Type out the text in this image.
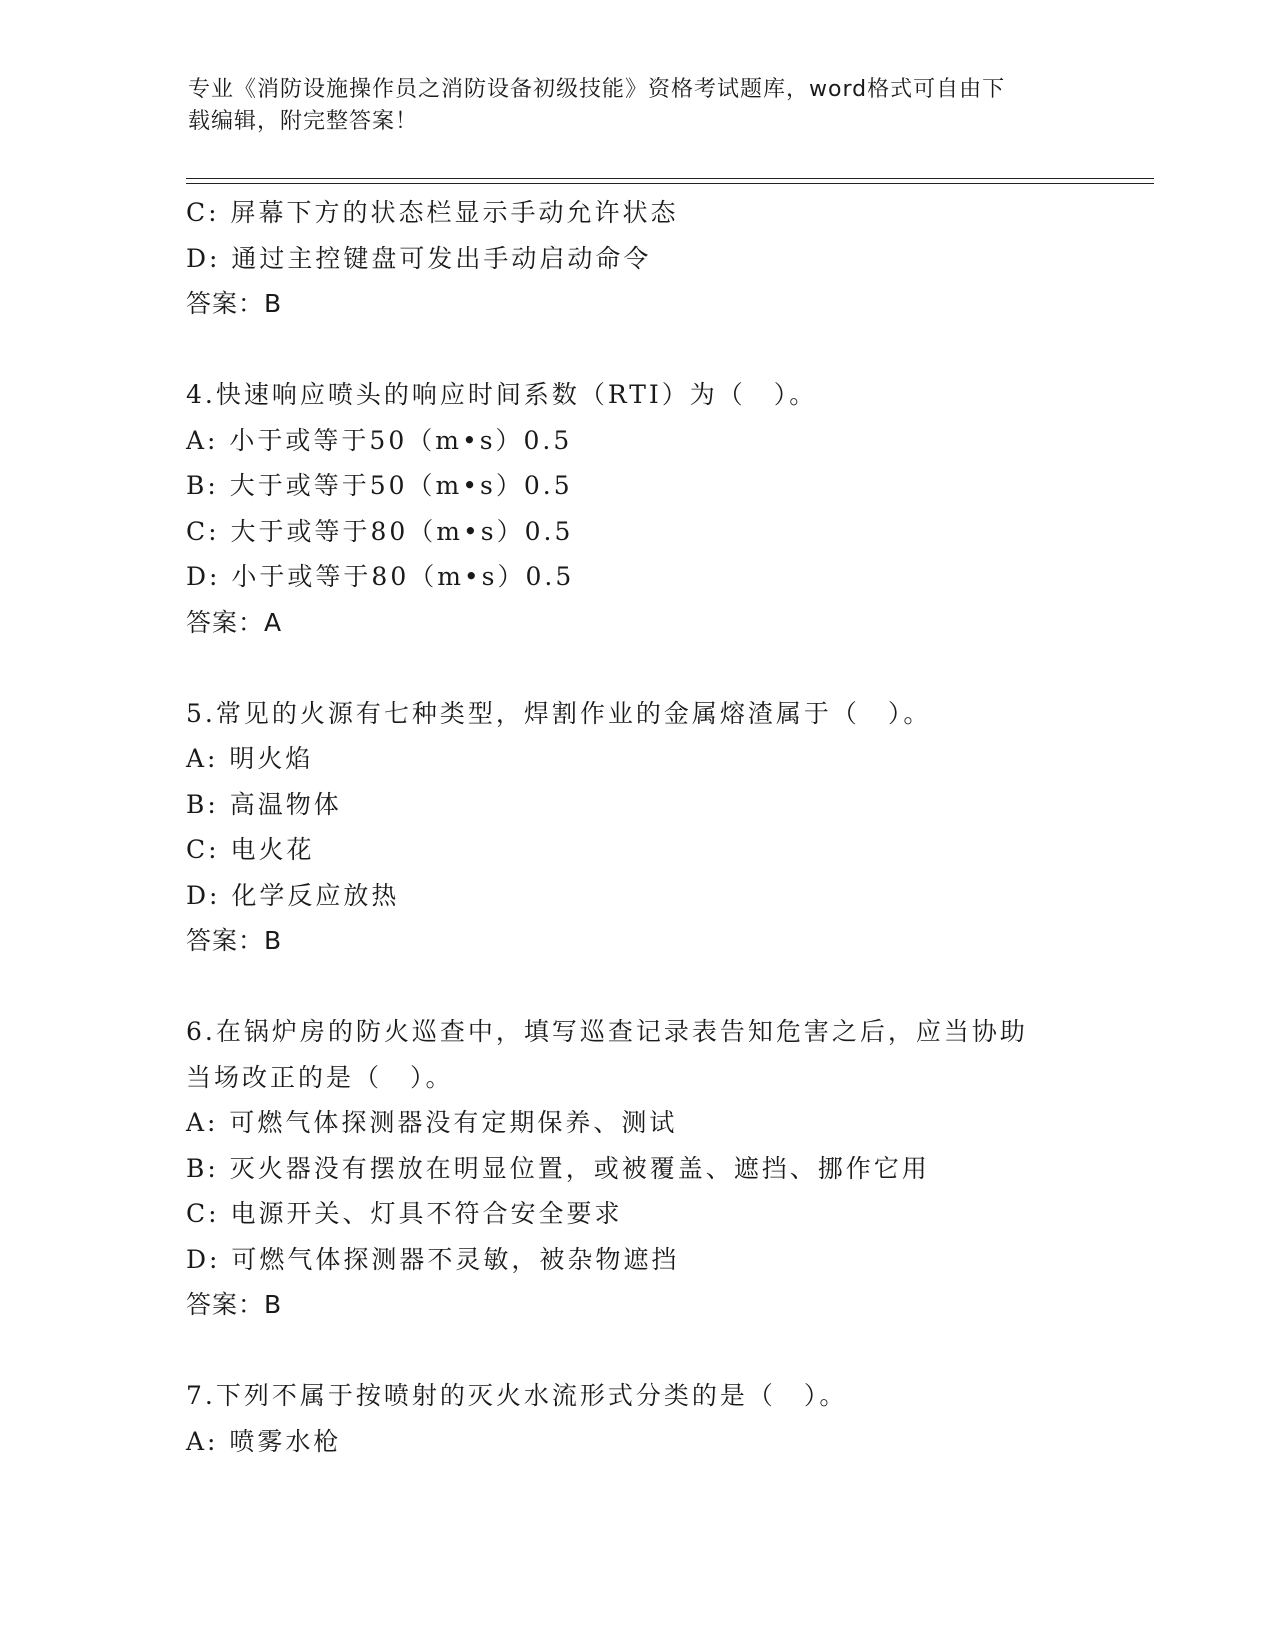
专业《消防设施操作员之消防设备初级技能》资格考试题库，word格式可自由下
载编辑，附完整答案！
C: 屏幕下方的状态栏显示手动允许状态
D: 通过主控键盘可发出手动启动命令
答案：B
4.快速响应喷头的响应时间系数（RTI）为（　）。
A: 小于或等于50（m•s）0.5
B: 大于或等于50（m•s）0.5
C: 大于或等于80（m•s）0.5
D: 小于或等于80（m•s）0.5
答案：A
5.常见的火源有七种类型，焊割作业的金属熔渣属于（　）。
A: 明火焰
B: 高温物体
C: 电火花
D: 化学反应放热
答案：B
6.在锅炉房的防火巡查中，填写巡查记录表告知危害之后，应当协助
当场改正的是（　）。
A: 可燃气体探测器没有定期保养、测试
B: 灭火器没有摆放在明显位置，或被覆盖、遮挡、挪作它用
C: 电源开关、灯具不符合安全要求
D: 可燃气体探测器不灵敏，被杂物遮挡
答案：B
7.下列不属于按喷射的灭火水流形式分类的是（　）。
A: 喷雾水枪
